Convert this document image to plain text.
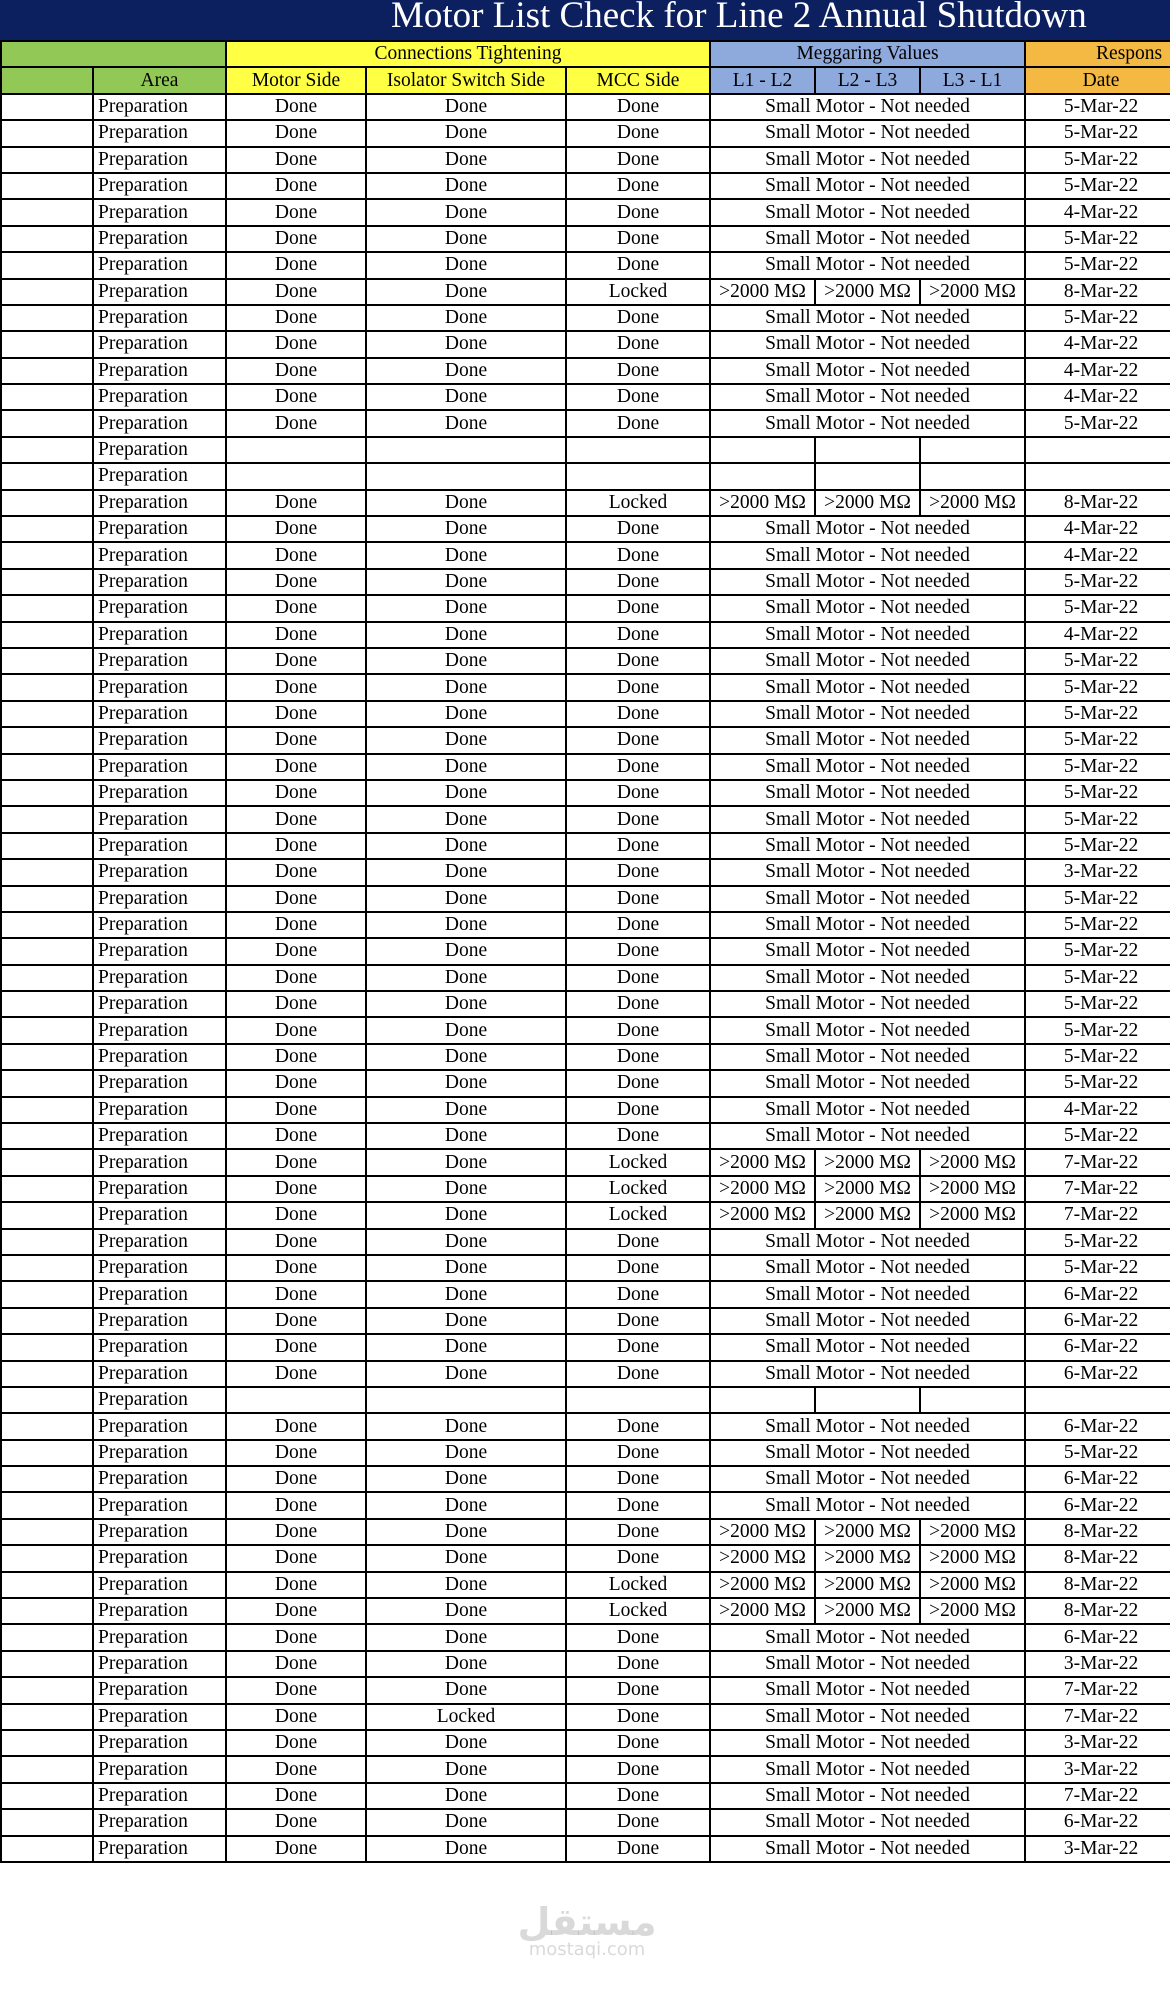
Motor List Check for Line 2 Annual Shutdown
		Connections Tightening			Meggaring Values			Respons
	Area	Motor Side	Isolator Switch Side	MCC Side	L1 - L2	L2 - L3	L3 - L1	Date
	Preparation	Done	Done	Done	Small Motor - Not needed			5-Mar-22
	Preparation	Done	Done	Done	Small Motor - Not needed			5-Mar-22
	Preparation	Done	Done	Done	Small Motor - Not needed			5-Mar-22
	Preparation	Done	Done	Done	Small Motor - Not needed			5-Mar-22
	Preparation	Done	Done	Done	Small Motor - Not needed			4-Mar-22
	Preparation	Done	Done	Done	Small Motor - Not needed			5-Mar-22
	Preparation	Done	Done	Done	Small Motor - Not needed			5-Mar-22
	Preparation	Done	Done	Locked	>2000 MΩ	>2000 MΩ	>2000 MΩ	8-Mar-22
	Preparation	Done	Done	Done	Small Motor - Not needed			5-Mar-22
	Preparation	Done	Done	Done	Small Motor - Not needed			4-Mar-22
	Preparation	Done	Done	Done	Small Motor - Not needed			4-Mar-22
	Preparation	Done	Done	Done	Small Motor - Not needed			4-Mar-22
	Preparation	Done	Done	Done	Small Motor - Not needed			5-Mar-22
	Preparation							
	Preparation							
	Preparation	Done	Done	Locked	>2000 MΩ	>2000 MΩ	>2000 MΩ	8-Mar-22
	Preparation	Done	Done	Done	Small Motor - Not needed			4-Mar-22
	Preparation	Done	Done	Done	Small Motor - Not needed			4-Mar-22
	Preparation	Done	Done	Done	Small Motor - Not needed			5-Mar-22
	Preparation	Done	Done	Done	Small Motor - Not needed			5-Mar-22
	Preparation	Done	Done	Done	Small Motor - Not needed			4-Mar-22
	Preparation	Done	Done	Done	Small Motor - Not needed			5-Mar-22
	Preparation	Done	Done	Done	Small Motor - Not needed			5-Mar-22
	Preparation	Done	Done	Done	Small Motor - Not needed			5-Mar-22
	Preparation	Done	Done	Done	Small Motor - Not needed			5-Mar-22
	Preparation	Done	Done	Done	Small Motor - Not needed			5-Mar-22
	Preparation	Done	Done	Done	Small Motor - Not needed			5-Mar-22
	Preparation	Done	Done	Done	Small Motor - Not needed			5-Mar-22
	Preparation	Done	Done	Done	Small Motor - Not needed			5-Mar-22
	Preparation	Done	Done	Done	Small Motor - Not needed			3-Mar-22
	Preparation	Done	Done	Done	Small Motor - Not needed			5-Mar-22
	Preparation	Done	Done	Done	Small Motor - Not needed			5-Mar-22
	Preparation	Done	Done	Done	Small Motor - Not needed			5-Mar-22
	Preparation	Done	Done	Done	Small Motor - Not needed			5-Mar-22
	Preparation	Done	Done	Done	Small Motor - Not needed			5-Mar-22
	Preparation	Done	Done	Done	Small Motor - Not needed			5-Mar-22
	Preparation	Done	Done	Done	Small Motor - Not needed			5-Mar-22
	Preparation	Done	Done	Done	Small Motor - Not needed			5-Mar-22
	Preparation	Done	Done	Done	Small Motor - Not needed			4-Mar-22
	Preparation	Done	Done	Done	Small Motor - Not needed			5-Mar-22
	Preparation	Done	Done	Locked	>2000 MΩ	>2000 MΩ	>2000 MΩ	7-Mar-22
	Preparation	Done	Done	Locked	>2000 MΩ	>2000 MΩ	>2000 MΩ	7-Mar-22
	Preparation	Done	Done	Locked	>2000 MΩ	>2000 MΩ	>2000 MΩ	7-Mar-22
	Preparation	Done	Done	Done	Small Motor - Not needed			5-Mar-22
	Preparation	Done	Done	Done	Small Motor - Not needed			5-Mar-22
	Preparation	Done	Done	Done	Small Motor - Not needed			6-Mar-22
	Preparation	Done	Done	Done	Small Motor - Not needed			6-Mar-22
	Preparation	Done	Done	Done	Small Motor - Not needed			6-Mar-22
	Preparation	Done	Done	Done	Small Motor - Not needed			6-Mar-22
	Preparation							
	Preparation	Done	Done	Done	Small Motor - Not needed			6-Mar-22
	Preparation	Done	Done	Done	Small Motor - Not needed			5-Mar-22
	Preparation	Done	Done	Done	Small Motor - Not needed			6-Mar-22
	Preparation	Done	Done	Done	Small Motor - Not needed			6-Mar-22
	Preparation	Done	Done	Done	>2000 MΩ	>2000 MΩ	>2000 MΩ	8-Mar-22
	Preparation	Done	Done	Done	>2000 MΩ	>2000 MΩ	>2000 MΩ	8-Mar-22
	Preparation	Done	Done	Locked	>2000 MΩ	>2000 MΩ	>2000 MΩ	8-Mar-22
	Preparation	Done	Done	Locked	>2000 MΩ	>2000 MΩ	>2000 MΩ	8-Mar-22
	Preparation	Done	Done	Done	Small Motor - Not needed			6-Mar-22
	Preparation	Done	Done	Done	Small Motor - Not needed			3-Mar-22
	Preparation	Done	Done	Done	Small Motor - Not needed			7-Mar-22
	Preparation	Done	Locked	Done	Small Motor - Not needed			7-Mar-22
	Preparation	Done	Done	Done	Small Motor - Not needed			3-Mar-22
	Preparation	Done	Done	Done	Small Motor - Not needed			3-Mar-22
	Preparation	Done	Done	Done	Small Motor - Not needed			7-Mar-22
	Preparation	Done	Done	Done	Small Motor - Not needed			6-Mar-22
	Preparation	Done	Done	Done	Small Motor - Not needed			3-Mar-22
مستقل
mostaqi.com
